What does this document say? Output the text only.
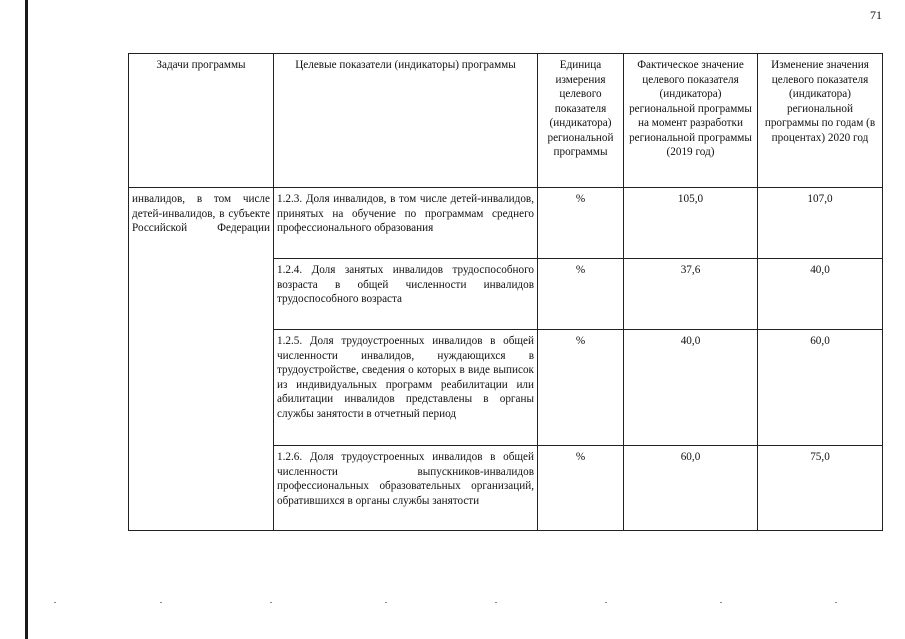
71
Задачи программы	Целевые показатели (индикаторы) программы	Единица измерения целевого показателя (индикатора) региональной программы	Фактическое значение целевого показателя (индикатора) региональной программы на момент разработки региональной программы (2019 год)	Изменение значения целевого показателя (индикатора) региональной программы по годам (в процентах) 2020 год
инвалидов, в том числе детей-инвалидов, в субъекте Российской Федерации	1.2.3. Доля инвалидов, в том числе детей-инвалидов, принятых на обучение по программам среднего профессионального образования	%	105,0	107,0
	1.2.4. Доля занятых инвалидов трудоспособного возраста в общей численности инвалидов трудоспособного возраста	%	37,6	40,0
	1.2.5. Доля трудоустроенных инвалидов в общей численности инвалидов, нуждающихся в трудоустройстве, сведения о которых в виде выписок из индивидуальных программ реабилитации или абилитации инвалидов представлены в органы службы занятости в отчетный период	%	40,0	60,0
	1.2.6. Доля трудоустроенных инвалидов в общей численности выпускников-инвалидов профессиональных образовательных организаций, обратившихся в органы службы занятости	%	60,0	75,0
